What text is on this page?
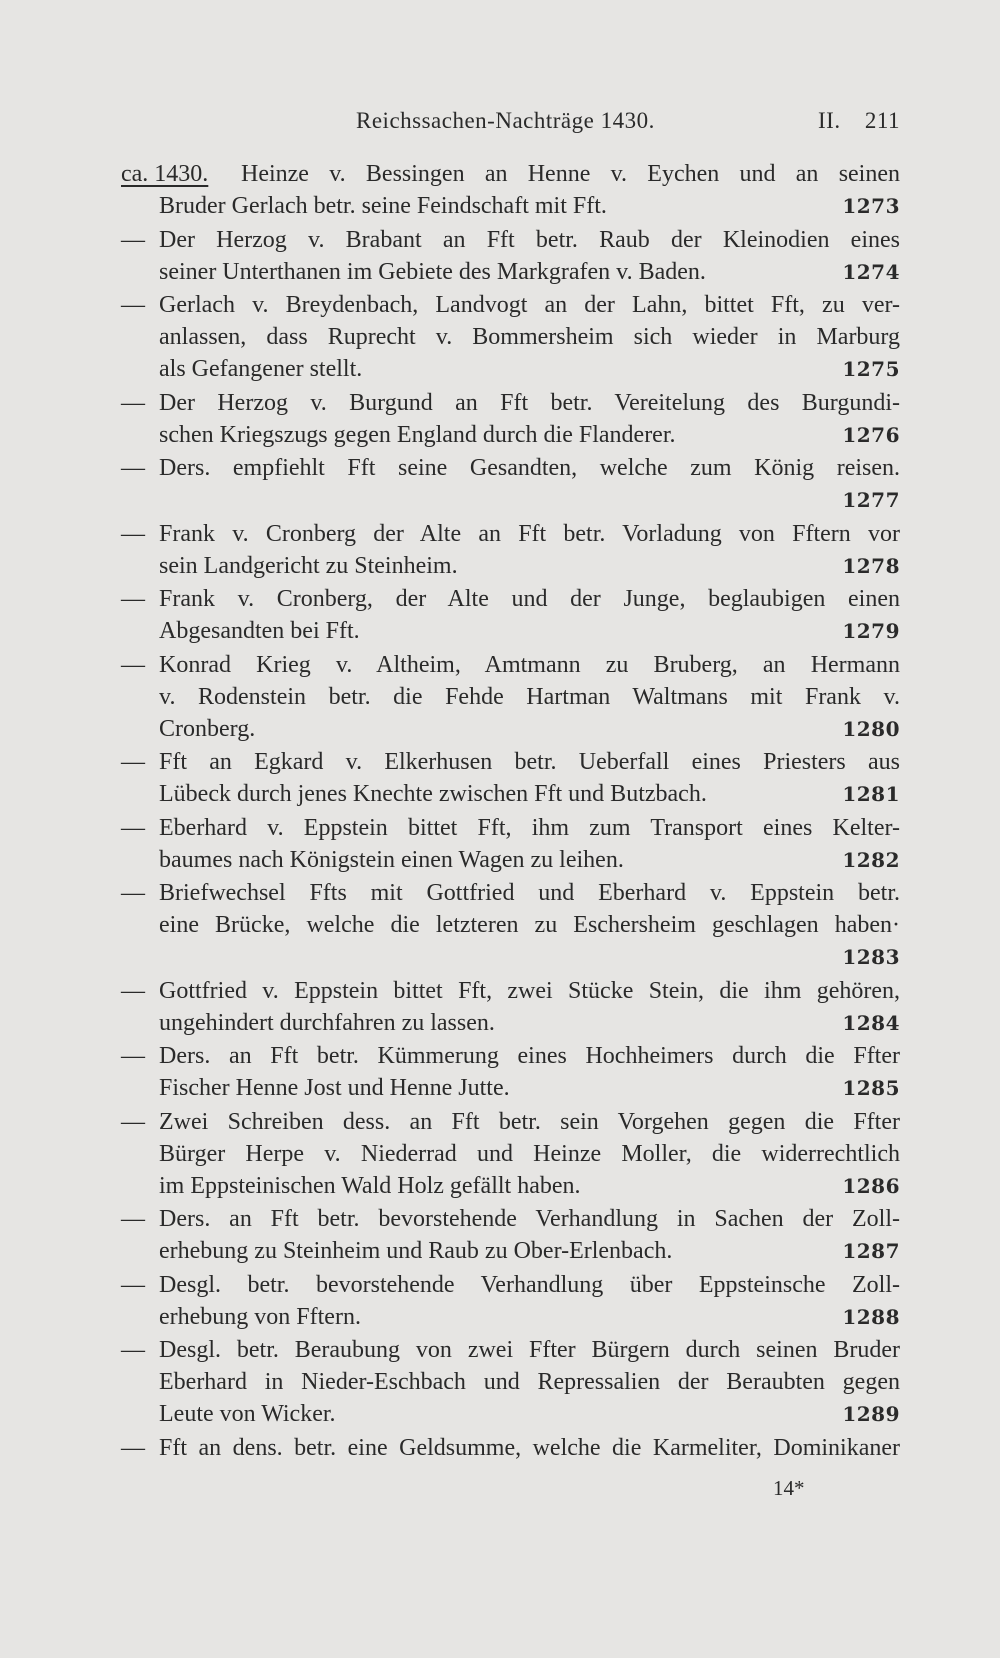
Reichssachen-Nachträge 1430.	II. 211
ca. 1430.	Heinze v. Bessingen an Henne v. Eychen und an seinen
Bruder Gerlach betr. seine Feindschaft mit Fft.	1273
— Der Herzog v. Brabant an Fft betr. Raub der Kleinodien eines
seiner Unterthanen im Gebiete des Markgrafen v. Baden.	1274
— Gerlach v. Breydenbach, Landvogt an der Lahn, bittet Fft, zu ver-
anlassen, dass Ruprecht v. Bommersheim sich wieder in Marburg
als Gefangener stellt.	1275
— Der Herzog v. Burgund an Fft betr. Vereitelung des Burgundi-
schen Kriegszugs gegen England durch die Flanderer.	1276
— Ders. empfiehlt Fft seine Gesandten, welche zum König reisen.
1277
— Frank v. Cronberg der Alte an Fft betr. Vorladung von Fftern vor
sein Landgericht zu Steinheim.	1278
— Frank v. Cronberg, der Alte und der Junge, beglaubigen einen
Abgesandten bei Fft.	1279
— Konrad Krieg v. Altheim, Amtmann zu Bruberg, an Hermann
v. Rodenstein betr. die Fehde Hartman Waltmans mit Frank v.
Cronberg.	1280
— Fft an Egkard v. Elkerhusen betr. Ueberfall eines Priesters aus
Lübeck durch jenes Knechte zwischen Fft und Butzbach.	1281
— Eberhard v. Eppstein bittet Fft, ihm zum Transport eines Kelter-
baumes nach Königstein einen Wagen zu leihen.	1282
— Briefwechsel Ffts mit Gottfried und Eberhard v. Eppstein betr.
eine Brücke, welche die letzteren zu Eschersheim geschlagen haben·
1283
— Gottfried v. Eppstein bittet Fft, zwei Stücke Stein, die ihm gehören,
ungehindert durchfahren zu lassen.	1284
— Ders. an Fft betr. Kümmerung eines Hochheimers durch die Ffter
Fischer Henne Jost und Henne Jutte.	1285
— Zwei Schreiben dess. an Fft betr. sein Vorgehen gegen die Ffter
Bürger Herpe v. Niederrad und Heinze Moller, die widerrechtlich
im Eppsteinischen Wald Holz gefällt haben.	1286
— Ders. an Fft betr. bevorstehende Verhandlung in Sachen der Zoll-
erhebung zu Steinheim und Raub zu Ober-Erlenbach.	1287
— Desgl. betr. bevorstehende Verhandlung über Eppsteinsche Zoll-
erhebung von Fftern.	1288
— Desgl. betr. Beraubung von zwei Ffter Bürgern durch seinen Bruder
Eberhard in Nieder-Eschbach und Repressalien der Beraubten gegen
Leute von Wicker.	1289
— Fft an dens. betr. eine Geldsumme, welche die Karmeliter, Dominikaner
14*
